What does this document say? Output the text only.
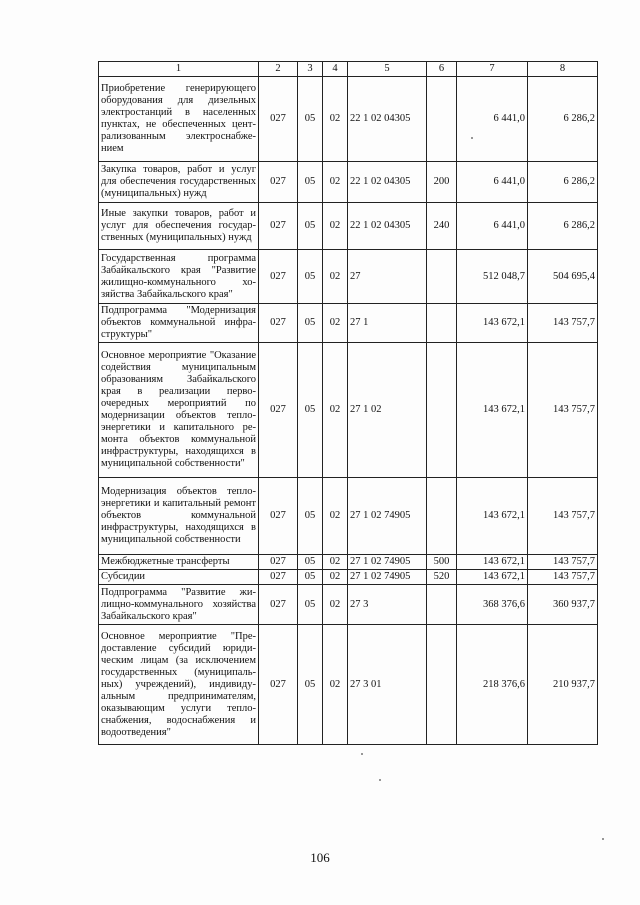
1	2	3	4	5	6	7	8
Приобретение генерирующего оборудования для дизельных электростанций в населенных пунктах, не обеспеченных централизованным электроснабжением	027	05	02	22 1 02 04305		6 441,0	6 286,2
Закупка товаров, работ и услуг для обеспечения государственных (муниципальных) нужд	027	05	02	22 1 02 04305	200	6 441,0	6 286,2
Иные закупки товаров, работ и услуг для обеспечения государственных (муниципальных) нужд	027	05	02	22 1 02 04305	240	6 441,0	6 286,2
Государственная программа Забайкальского края "Развитие жилищно-коммунального хозяйства Забайкальского края"	027	05	02	27		512 048,7	504 695,4
Подпрограмма "Модернизация объектов коммунальной инфраструктуры"	027	05	02	27 1		143 672,1	143 757,7
Основное мероприятие "Оказание содействия муниципальным образованиям Забайкальского края в реализации первоочередных мероприятий по модернизации объектов теплоэнергетики и капитального ремонта объектов коммунальной инфраструктуры, находящихся в муниципальной собственности"	027	05	02	27 1 02		143 672,1	143 757,7
Модернизация объектов теплоэнергетики и капитальный ремонт объектов коммунальной инфраструктуры, находящихся в муниципальной собственности	027	05	02	27 1 02 74905		143 672,1	143 757,7
Межбюджетные трансферты	027	05	02	27 1 02 74905	500	143 672,1	143 757,7
Субсидии	027	05	02	27 1 02 74905	520	143 672,1	143 757,7
Подпрограмма "Развитие жилищно-коммунального хозяйства Забайкальского края"	027	05	02	27 3		368 376,6	360 937,7
Основное мероприятие "Предоставление субсидий юридическим лицам (за исключением государственных (муниципальных) учреждений), индивидуальным предпринимателям, оказывающим услуги теплоснабжения, водоснабжения и водоотведения"	027	05	02	27 3 01		218 376,6	210 937,7
106
